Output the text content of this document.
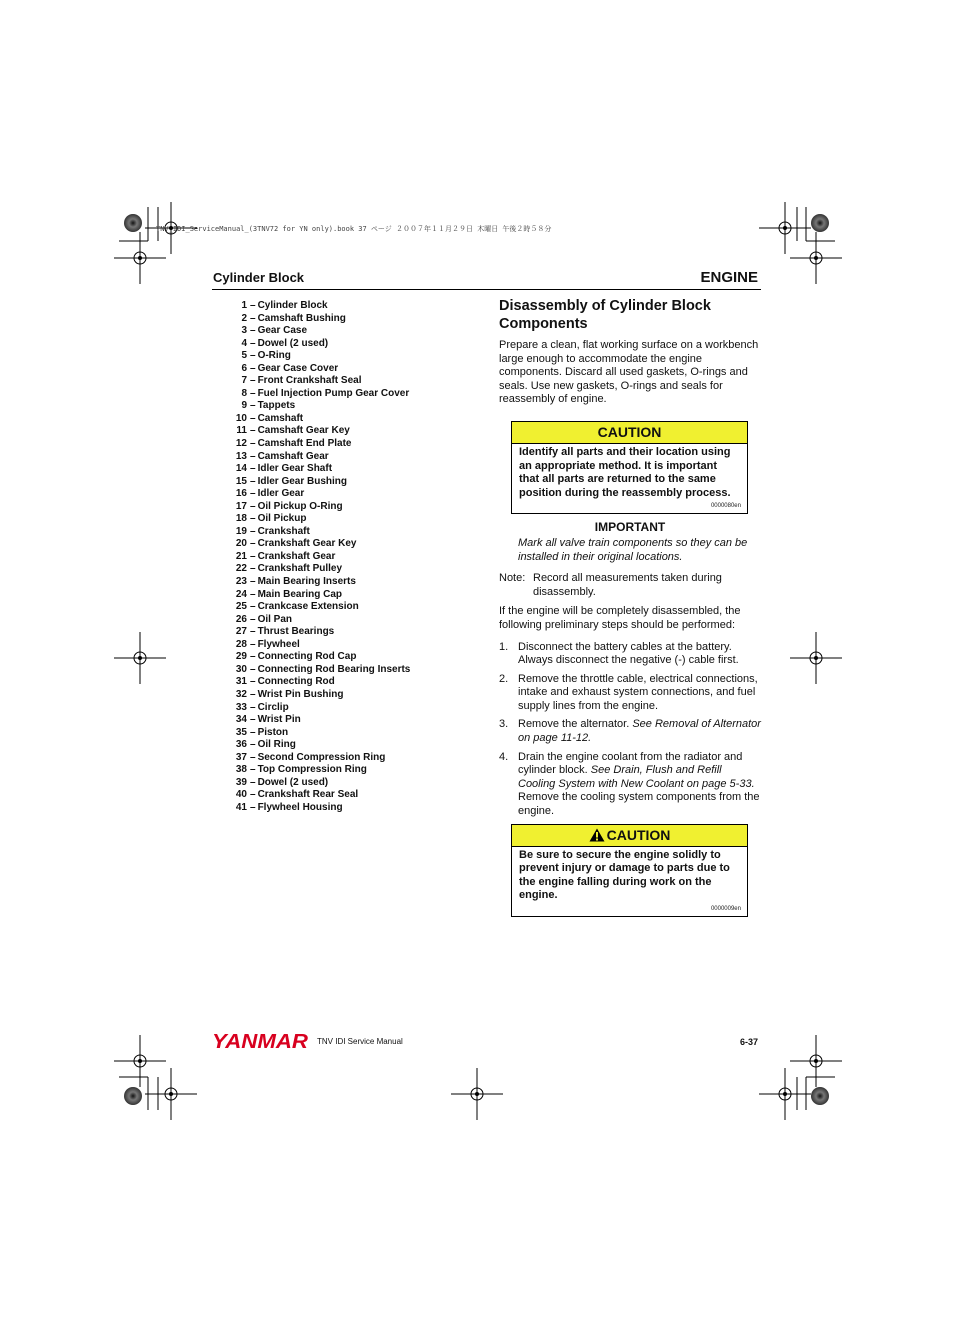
TNV_IDI_ServiceManual_(3TNV72 for YN only).book 37 ページ ２００７年１１月２９日 木曜日 午後２時５８分
Cylinder Block	ENGINE
1 – Cylinder Block
2 – Camshaft Bushing
3 – Gear Case
4 – Dowel (2 used)
5 – O-Ring
6 – Gear Case Cover
7 – Front Crankshaft Seal
8 – Fuel Injection Pump Gear Cover
9 – Tappets
10 – Camshaft
11 – Camshaft Gear Key
12 – Camshaft End Plate
13 – Camshaft Gear
14 – Idler Gear Shaft
15 – Idler Gear Bushing
16 – Idler Gear
17 – Oil Pickup O-Ring
18 – Oil Pickup
19 – Crankshaft
20 – Crankshaft Gear Key
21 – Crankshaft Gear
22 – Crankshaft Pulley
23 – Main Bearing Inserts
24 – Main Bearing Cap
25 – Crankcase Extension
26 – Oil Pan
27 – Thrust Bearings
28 – Flywheel
29 – Connecting Rod Cap
30 – Connecting Rod Bearing Inserts
31 – Connecting Rod
32 – Wrist Pin Bushing
33 – Circlip
34 – Wrist Pin
35 – Piston
36 – Oil Ring
37 – Second Compression Ring
38 – Top Compression Ring
39 – Dowel (2 used)
40 – Crankshaft Rear Seal
41 – Flywheel Housing
Disassembly of Cylinder Block Components

Prepare a clean, flat working surface on a workbench large enough to accommodate the engine components. Discard all used gaskets, O-rings and seals. Use new gaskets, O-rings and seals for reassembly of engine.

CAUTION
Identify all parts and their location using an appropriate method. It is important that all parts are returned to the same position during the reassembly process.
0000080en

IMPORTANT

Mark all valve train components so they can be installed in their original locations.

Note: Record all measurements taken during disassembly.

If the engine will be completely disassembled, the following preliminary steps should be performed:

1. Disconnect the battery cables at the battery. Always disconnect the negative (-) cable first.
2. Remove the throttle cable, electrical connections, intake and exhaust system connections, and fuel supply lines from the engine.
3. Remove the alternator. See Removal of Alternator on page 11-12.
4. Drain the engine coolant from the radiator and cylinder block. See Drain, Flush and Refill Cooling System with New Coolant on page 5-33. Remove the cooling system components from the engine.
CAUTION
Be sure to secure the engine solidly to prevent injury or damage to parts due to the engine falling during work on the engine.
0000009en
YANMAR TNV IDI Service Manual	6-37
